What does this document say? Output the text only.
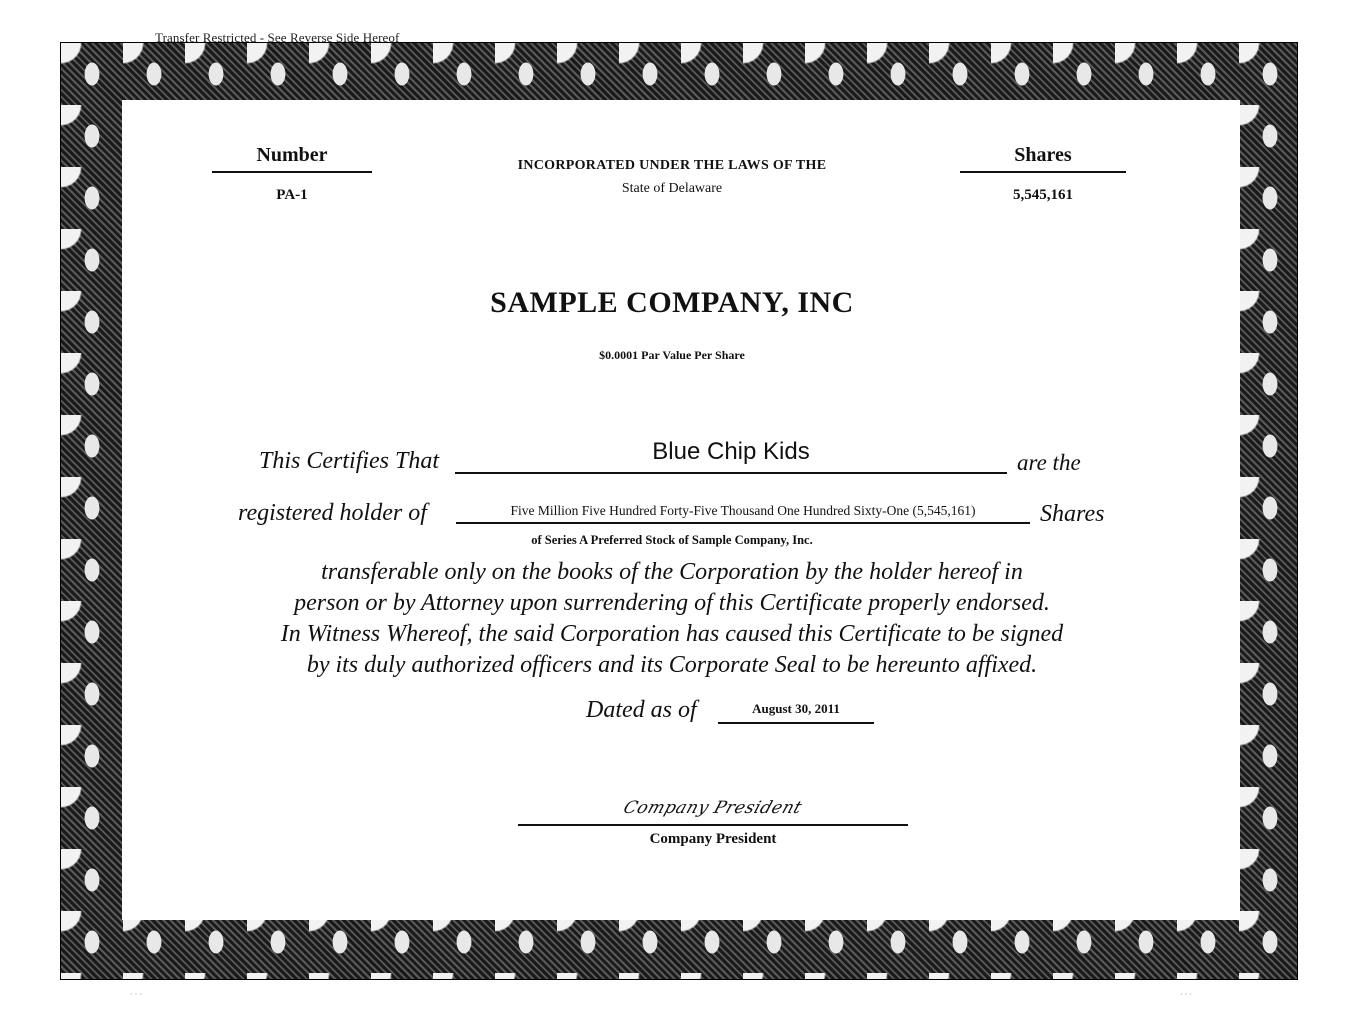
Transfer Restricted - See Reverse Side Hereof
Number
PA-1
INCORPORATED UNDER THE LAWS OF THE
State of Delaware
Shares
5,545,161
SAMPLE COMPANY, INC
$0.0001 Par Value Per Share
This Certifies That	Blue Chip Kids	are the
registered holder of	Five Million Five Hundred Forty-Five Thousand One Hundred Sixty-One (5,545,161)	Shares
of Series A Preferred Stock of Sample Company, Inc.
transferable only on the books of the Corporation by the holder hereof in
person or by Attorney upon surrendering of this Certificate properly endorsed.
In Witness Whereof, the said Corporation has caused this Certificate to be signed
by its duly authorized officers and its Corporate Seal to be hereunto affixed.
Dated as of	August 30, 2011
Company President
Company President
· · ·	· · ·
